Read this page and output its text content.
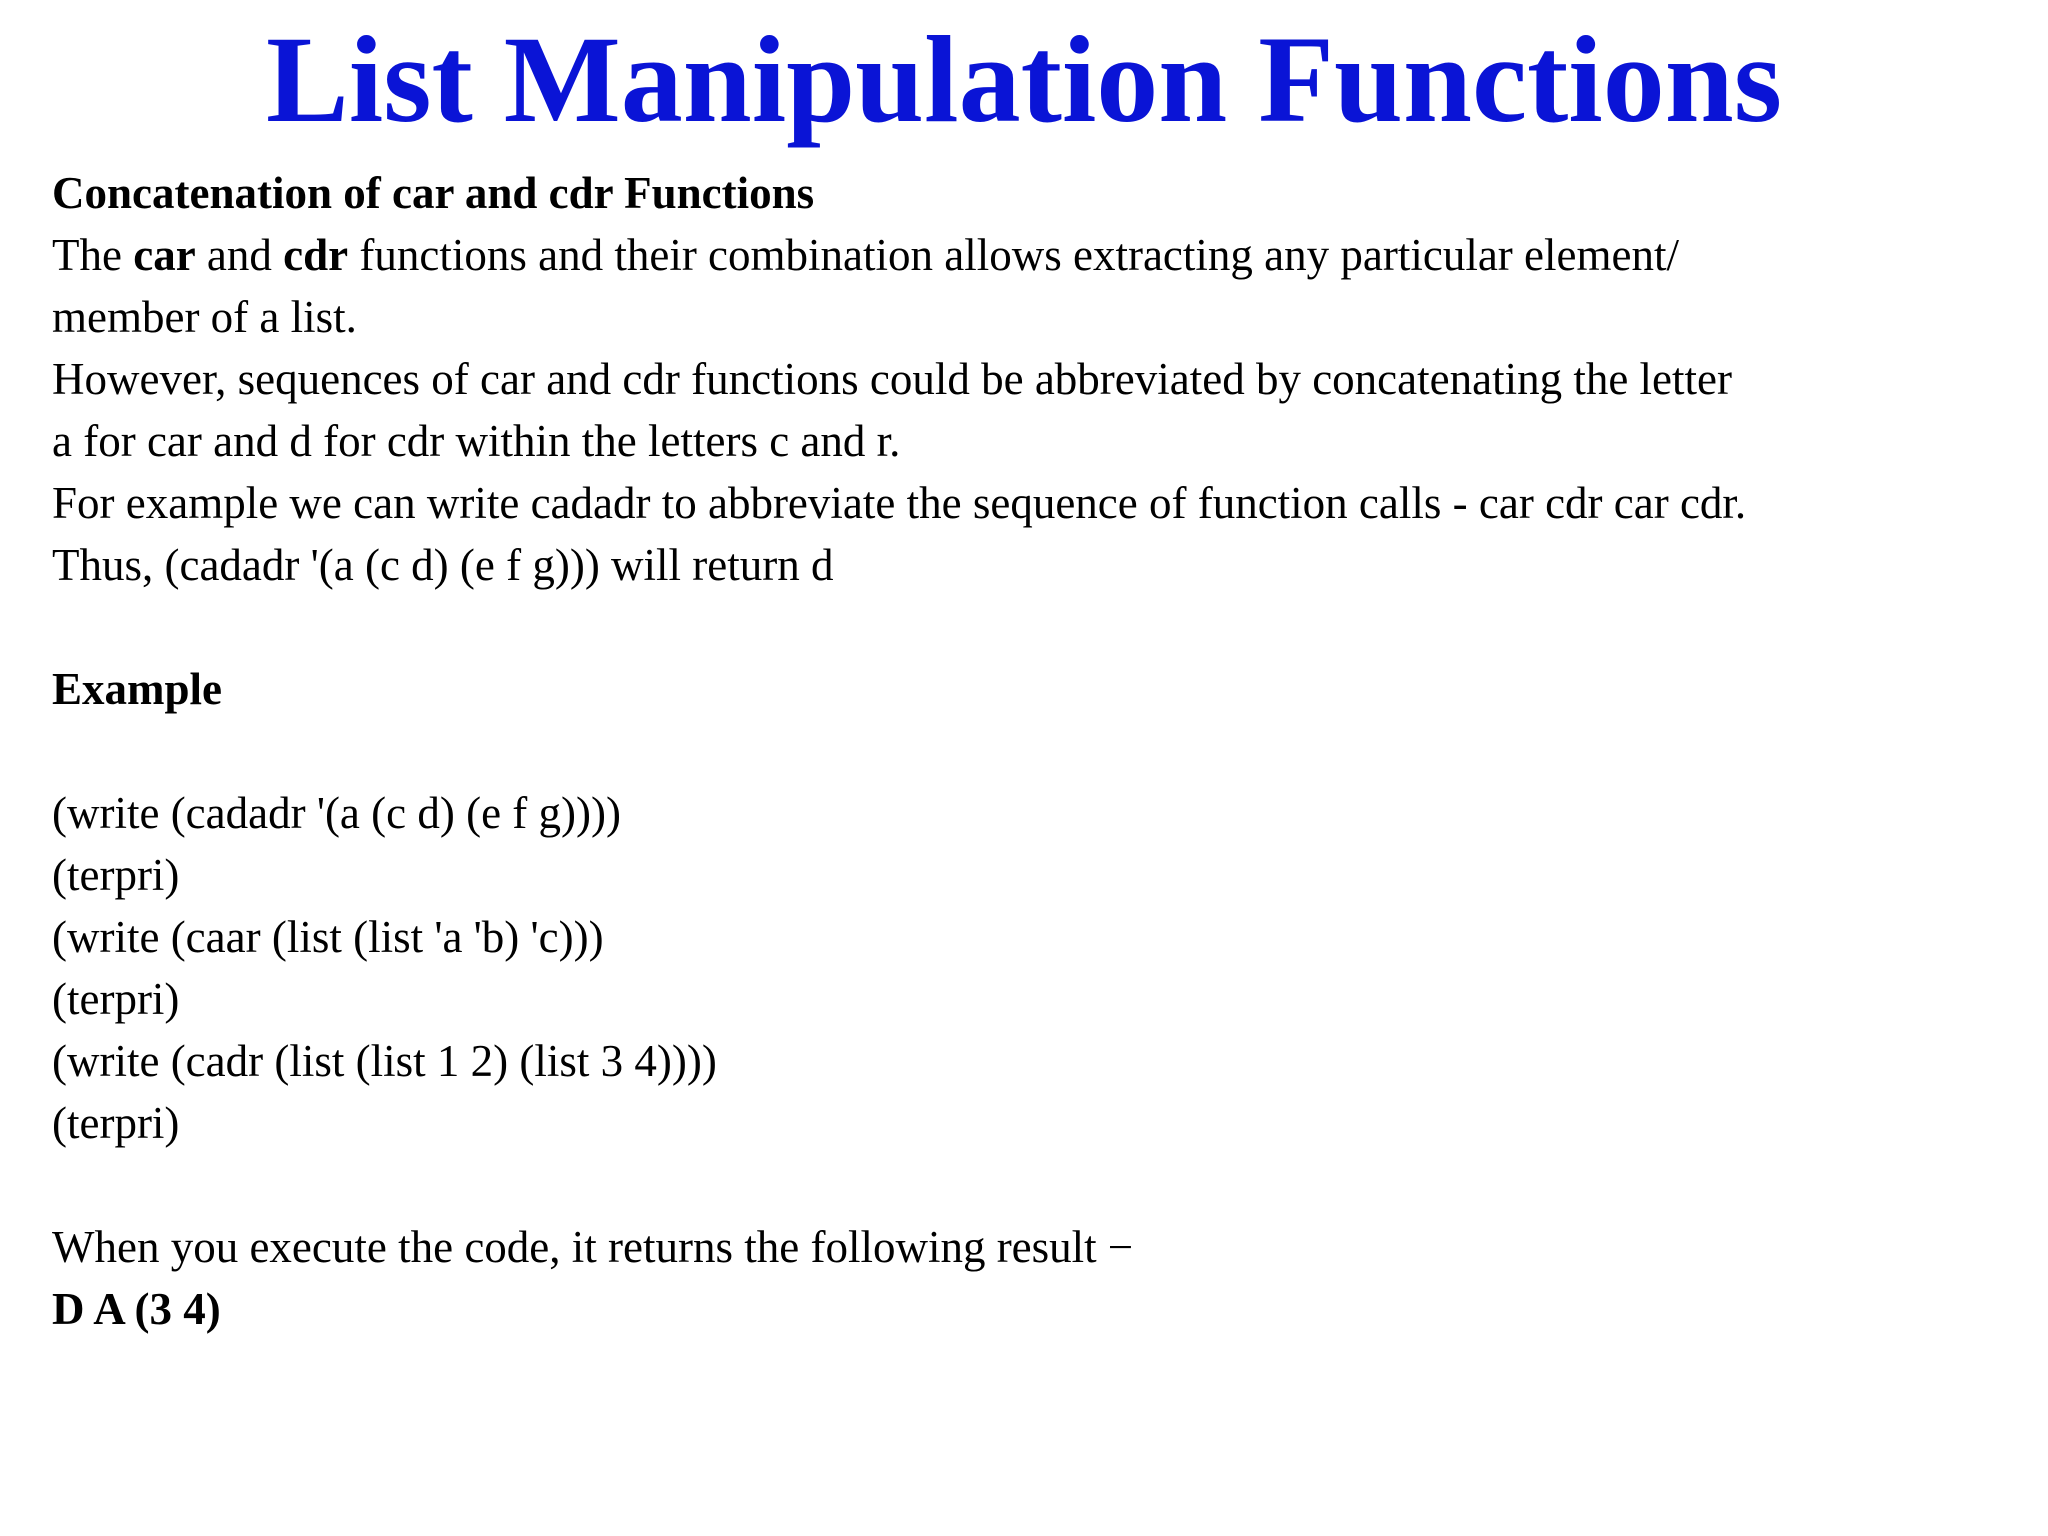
List Manipulation Functions
Concatenation of car and cdr Functions
The car and cdr functions and their combination allows extracting any particular element/
member of a list.
However, sequences of car and cdr functions could be abbreviated by concatenating the letter
a for car and d for cdr within the letters c and r.
For example we can write cadadr to abbreviate the sequence of function calls - car cdr car cdr.
Thus, (cadadr '(a (c d) (e f g))) will return d
Example
(write (cadadr '(a (c d) (e f g))))
(terpri)
(write (caar (list (list 'a 'b) 'c)))
(terpri)
(write (cadr (list (list 1 2) (list 3 4))))
(terpri)
When you execute the code, it returns the following result −
D A (3 4)
